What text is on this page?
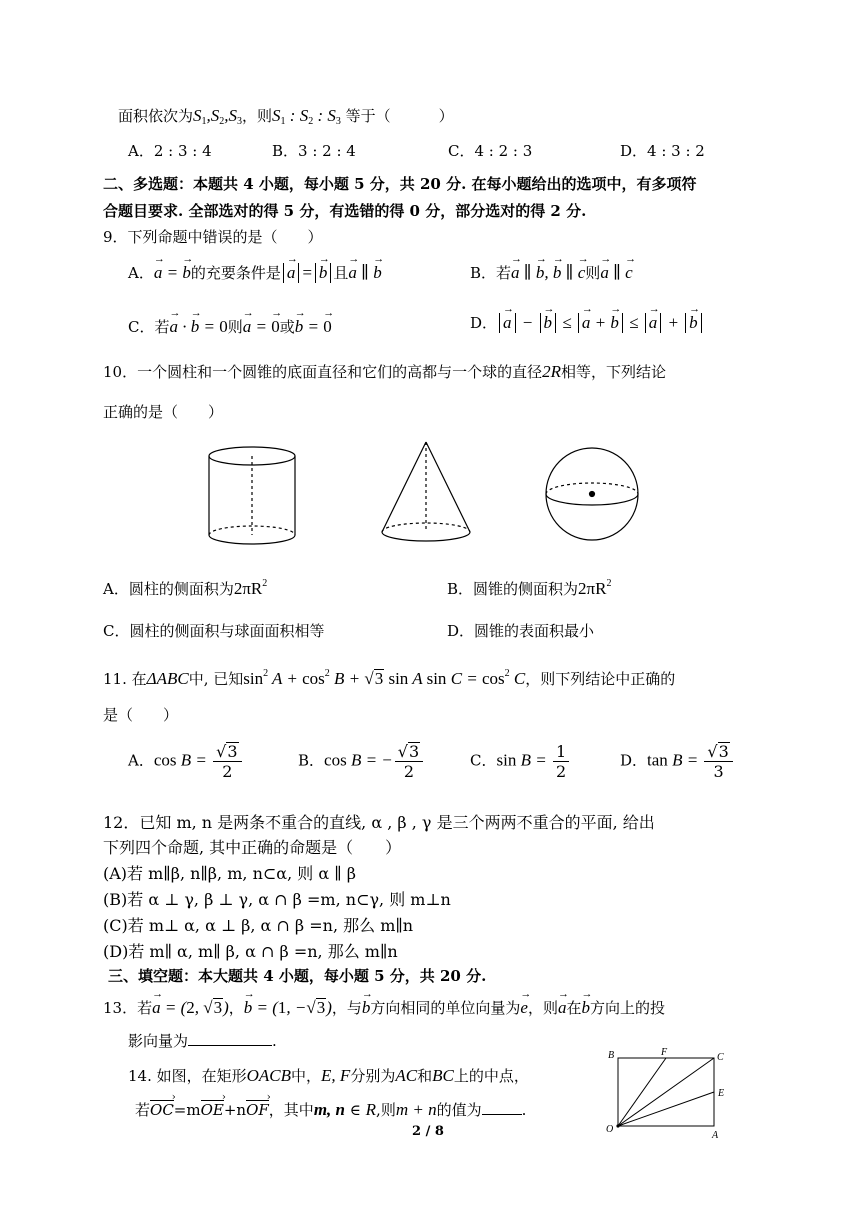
面积依次为$S_1,S_2,S_3$，则$S_1$ : $S_2$ : $S_3$ 等于（	）
A．2 : 3 : 4	B．3 : 2 : 4	C．4 : 2 : 3	D．4 : 3 : 2
二、多选题：本题共 4 小题，每小题 5 分，共 20 分. 在每小题给出的选项中，有多项符
合题目要求. 全部选对的得 5 分，有选错的得 0 分，部分选对的得 2 分.
9．下列命题中错误的是（　　）
A．→ a = → b的充要条件是 → a = → b 且→ a ∥ → b	B．若→ a ∥ → b, → b ∥ → c则→ a ∥ → c
C．若→ a · → b = 0则→ a = → 0或→ b = → 0	D． → a − → b ≤ → a + → b ≤ → a + → b
10．一个圆柱和一个圆锥的底面直径和它们的高都与一个球的直径2R相等，下列结论
正确的是（　　）
A．圆柱的侧面积为$2\pi R^2$	B．圆锥的侧面积为$2\pi R^2$
C．圆柱的侧面积与球面面积相等	D．圆锥的表面积最小
11. 在ΔABC中, 已知$\sin^2 A + \cos^2 B + √3$ sin A $\sin C = \cos^2 C$，则下列结论中正确的
是（　　）
A．$\cos B = \frac{√3}{2}$	B．cos B = − $\frac{√3}{2}$	C．$\sin B = \frac{1}{2}$	D．$\tan B = \frac{√3}{3}$
12．已知 m, n 是两条不重合的直线, α , β , γ 是三个两两不重合的平面, 给出
下列四个命题, 其中正确的命题是（　　）
(A)若 m∥β, n∥β, m, n⊂α, 则 α ∥ β
(B)若 α ⊥ γ, β ⊥ γ, α ∩ β =m, n⊂γ, 则 m⊥n
(C)若 m⊥ α, α ⊥ β, α ∩ β =n, 那么 m∥n
(D)若 m∥ α, m∥ β, α ∩ β =n, 那么 m∥n
三、填空题：本大题共 4 小题，每小题 5 分，共 20 分.
13．若→ a = (2, √3)，→ b = (1, −√3)，与→ b方向相同的单位向量为→ e，则→ a在→ b方向上的投
影向量为	.
14. 如图，在矩形OACB中，E, F分别为AC和BC上的中点，
若OC ›=mOE ›+nOF ›，其中m, n ∈ R,则m + n的值为	.
B	F	C
E
O
A
2 / 8
